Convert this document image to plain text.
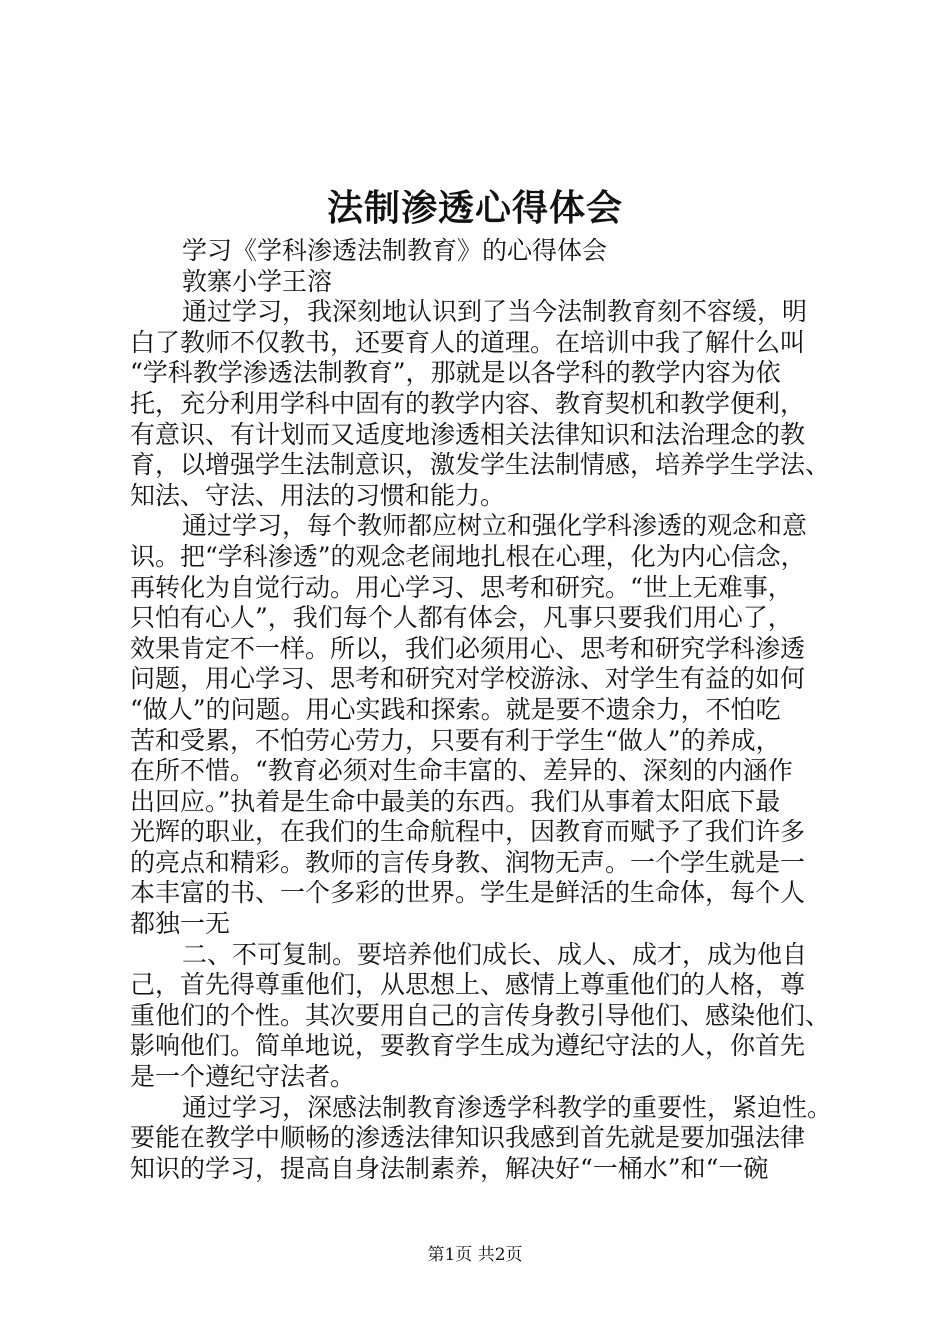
法制渗透心得体会
学习《学科渗透法制教育》的心得体会
敦寨小学王溶
通过学习，我深刻地认识到了当今法制教育刻不容缓，明
白了教师不仅教书，还要育人的道理。在培训中我了解什么叫
“学科教学渗透法制教育”，那就是以各学科的教学内容为依
托，充分利用学科中固有的教学内容、教育契机和教学便利，
有意识、有计划而又适度地渗透相关法律知识和法治理念的教
育，以增强学生法制意识，激发学生法制情感，培养学生学法、
知法、守法、用法的习惯和能力。
通过学习，每个教师都应树立和强化学科渗透的观念和意
识。把“学科渗透”的观念老闹地扎根在心理，化为内心信念，
再转化为自觉行动。用心学习、思考和研究。“世上无难事，
只怕有心人”，我们每个人都有体会，凡事只要我们用心了，
效果肯定不一样。所以，我们必须用心、思考和研究学科渗透
问题，用心学习、思考和研究对学校游泳、对学生有益的如何
“做人”的问题。用心实践和探索。就是要不遗余力，不怕吃
苦和受累，不怕劳心劳力，只要有利于学生“做人”的养成，
在所不惜。“教育必须对生命丰富的、差异的、深刻的内涵作
出回应。”执着是生命中最美的东西。我们从事着太阳底下最
光辉的职业，在我们的生命航程中，因教育而赋予了我们许多
的亮点和精彩。教师的言传身教、润物无声。一个学生就是一
本丰富的书、一个多彩的世界。学生是鲜活的生命体，每个人
都独一无
二、不可复制。要培养他们成长、成人、成才，成为他自
己，首先得尊重他们，从思想上、感情上尊重他们的人格，尊
重他们的个性。其次要用自己的言传身教引导他们、感染他们、
影响他们。简单地说，要教育学生成为遵纪守法的人，你首先
是一个遵纪守法者。
通过学习，深感法制教育渗透学科教学的重要性，紧迫性。
要能在教学中顺畅的渗透法律知识我感到首先就是要加强法律
知识的学习，提高自身法制素养，解决好“一桶水”和“一碗
第1页 共2页
